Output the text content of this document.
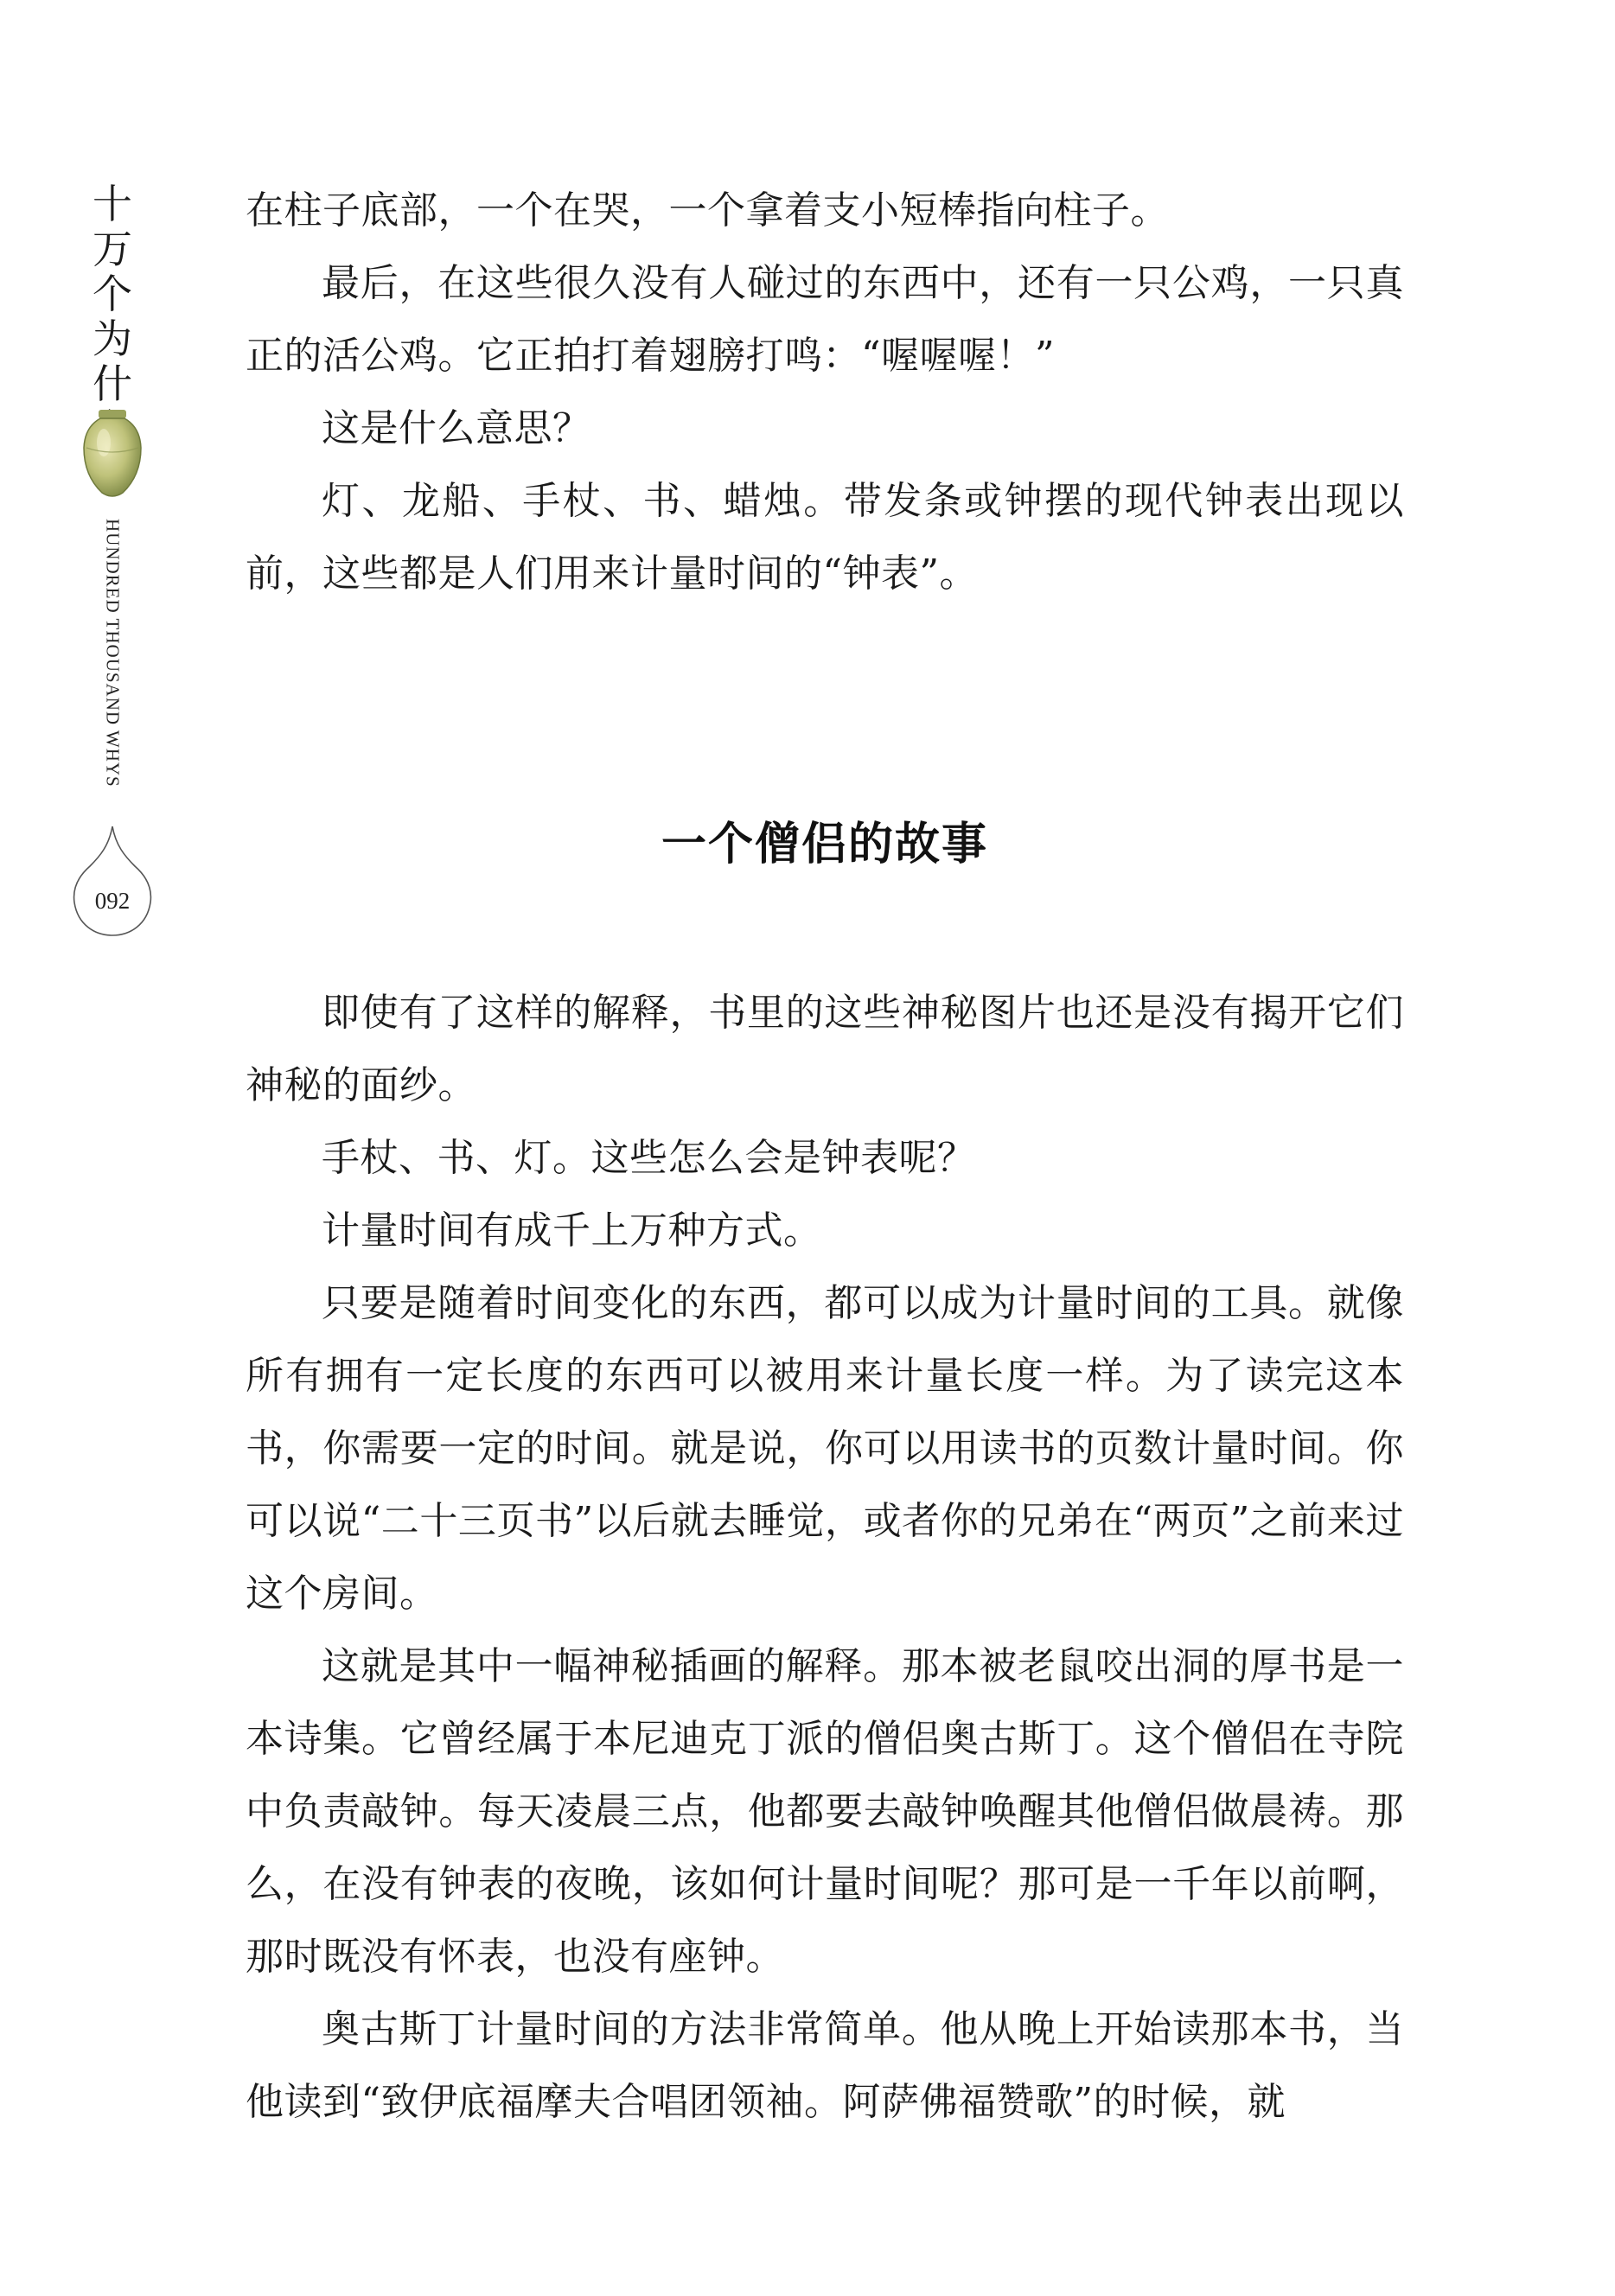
十万个为什
HUNDRED THOUSAND WHYS
092

在柱子底部，一个在哭，一个拿着支小短棒指向柱子。

最后，在这些很久没有人碰过的东西中，还有一只公鸡，一只真正的活公鸡。它正拍打着翅膀打鸣：“喔喔喔！”

这是什么意思？

灯、龙船、手杖、书、蜡烛。带发条或钟摆的现代钟表出现以前，这些都是人们用来计量时间的“钟表”。

一个僧侣的故事

即使有了这样的解释，书里的这些神秘图片也还是没有揭开它们神秘的面纱。

手杖、书、灯。这些怎么会是钟表呢？

计量时间有成千上万种方式。

只要是随着时间变化的东西，都可以成为计量时间的工具。就像所有拥有一定长度的东西可以被用来计量长度一样。为了读完这本书，你需要一定的时间。就是说，你可以用读书的页数计量时间。你可以说“二十三页书”以后就去睡觉，或者你的兄弟在“两页”之前来过这个房间。

这就是其中一幅神秘插画的解释。那本被老鼠咬出洞的厚书是一本诗集。它曾经属于本尼迪克丁派的僧侣奥古斯丁。这个僧侣在寺院中负责敲钟。每天凌晨三点，他都要去敲钟唤醒其他僧侣做晨祷。那么，在没有钟表的夜晚，该如何计量时间呢？那可是一千年以前啊，那时既没有怀表，也没有座钟。

奥古斯丁计量时间的方法非常简单。他从晚上开始读那本书，当他读到“致伊底福摩夫合唱团领袖。阿萨佛福赞歌”的时候，就
